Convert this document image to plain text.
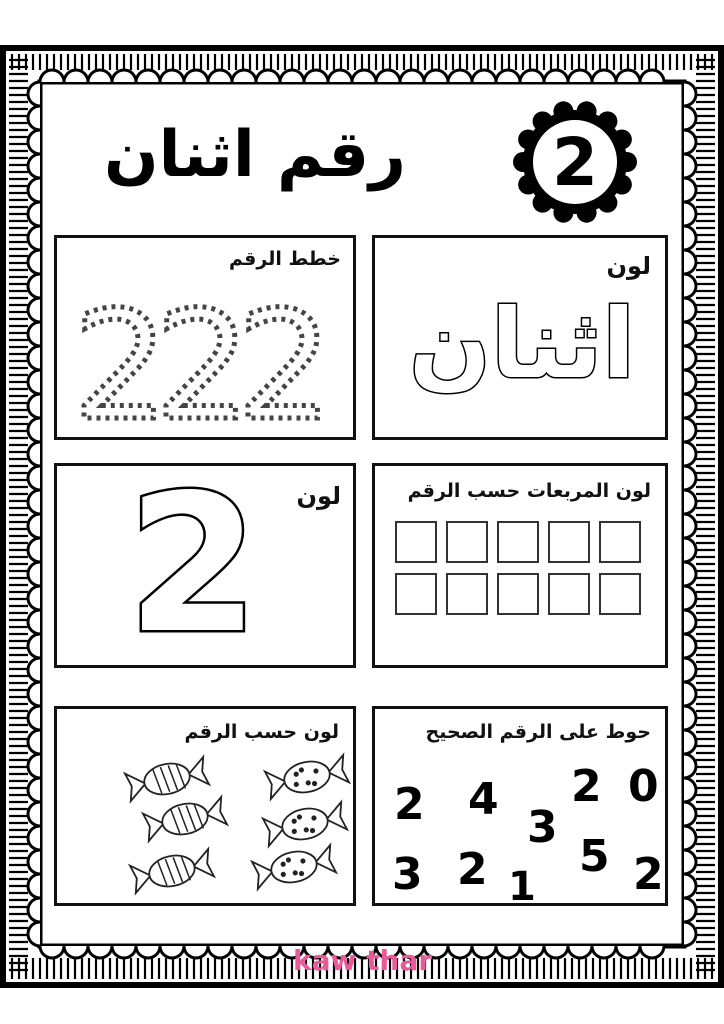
رقم اثنان	2
خطط الرقم
2
2
2
لون
اثنان
لون
2	لون المربعات حسب الرقم
لون حسب الرقم	حوط على الرقم الصحيح
2 4 2 0
3
3 2 1
5 2
kaw thar
